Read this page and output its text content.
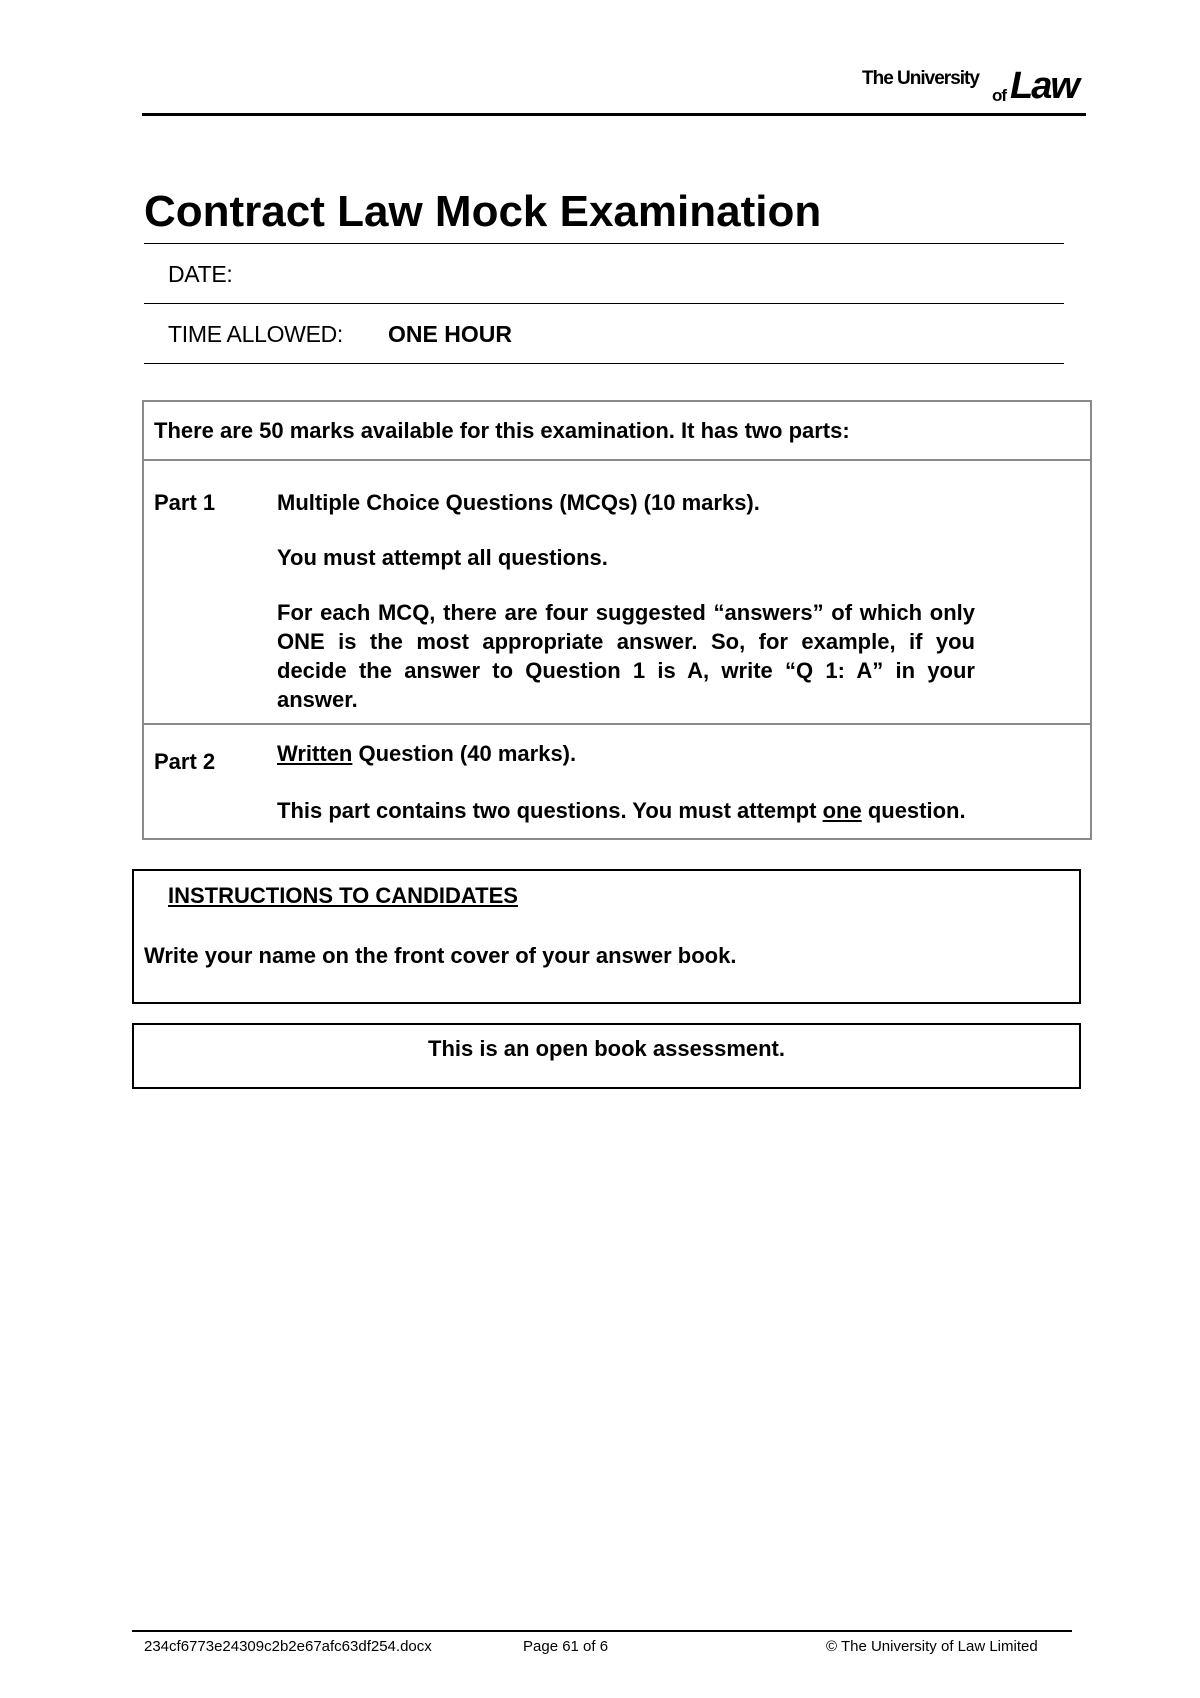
The University
of Law
Contract Law Mock Examination
DATE:
TIME ALLOWED: ONE HOUR
There are 50 marks available for this examination. It has two parts:
Part 1	Multiple Choice Questions (MCQs) (10 marks).
You must attempt all questions.
For each MCQ, there are four suggested “answers” of which only ONE is the most appropriate answer. So, for example, if you decide the answer to Question 1 is A, write “Q 1: A” in your answer.
Part 2	Written Question (40 marks).
This part contains two questions. You must attempt one question.
INSTRUCTIONS TO CANDIDATES
Write your name on the front cover of your answer book.
This is an open book assessment.
234cf6773e24309c2b2e67afc63df254.docx	Page 61 of 6	© The University of Law Limited
